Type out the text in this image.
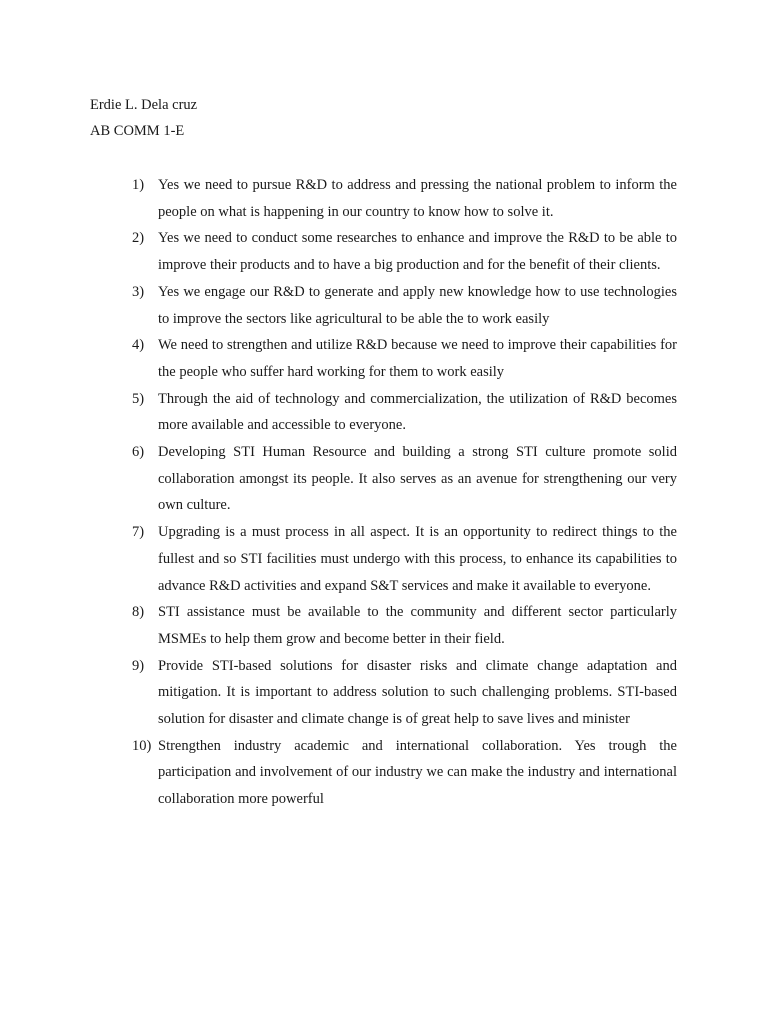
Erdie L. Dela cruz
AB COMM 1-E
1) Yes we need to pursue R&D to address and pressing the national problem to inform the people on what is happening in our country to know how to solve it.
2) Yes we need to conduct some researches to enhance and improve the R&D to be able to improve their products and to have a big production and for the benefit of their clients.
3) Yes we engage our R&D to generate and apply new knowledge how to use technologies to improve the sectors like agricultural to be able the to work easily
4) We need to strengthen and utilize R&D because we need to improve their capabilities for the people who suffer hard working for them to work easily
5) Through the aid of technology and commercialization, the utilization of R&D becomes more available and accessible to everyone.
6) Developing STI Human Resource and building a strong STI culture promote solid collaboration amongst its people. It also serves as an avenue for strengthening our very own culture.
7) Upgrading is a must process in all aspect. It is an opportunity to redirect things to the fullest and so STI facilities must undergo with this process, to enhance its capabilities to advance R&D activities and expand S&T services and make it available to everyone.
8) STI assistance must be available to the community and different sector particularly MSMEs to help them grow and become better in their field.
9) Provide STI-based solutions for disaster risks and climate change adaptation and mitigation. It is important to address solution to such challenging problems. STI-based solution for disaster and climate change is of great help to save lives and minister
10) Strengthen industry academic and international collaboration. Yes trough the participation and involvement of our industry we can make the industry and international collaboration more powerful
